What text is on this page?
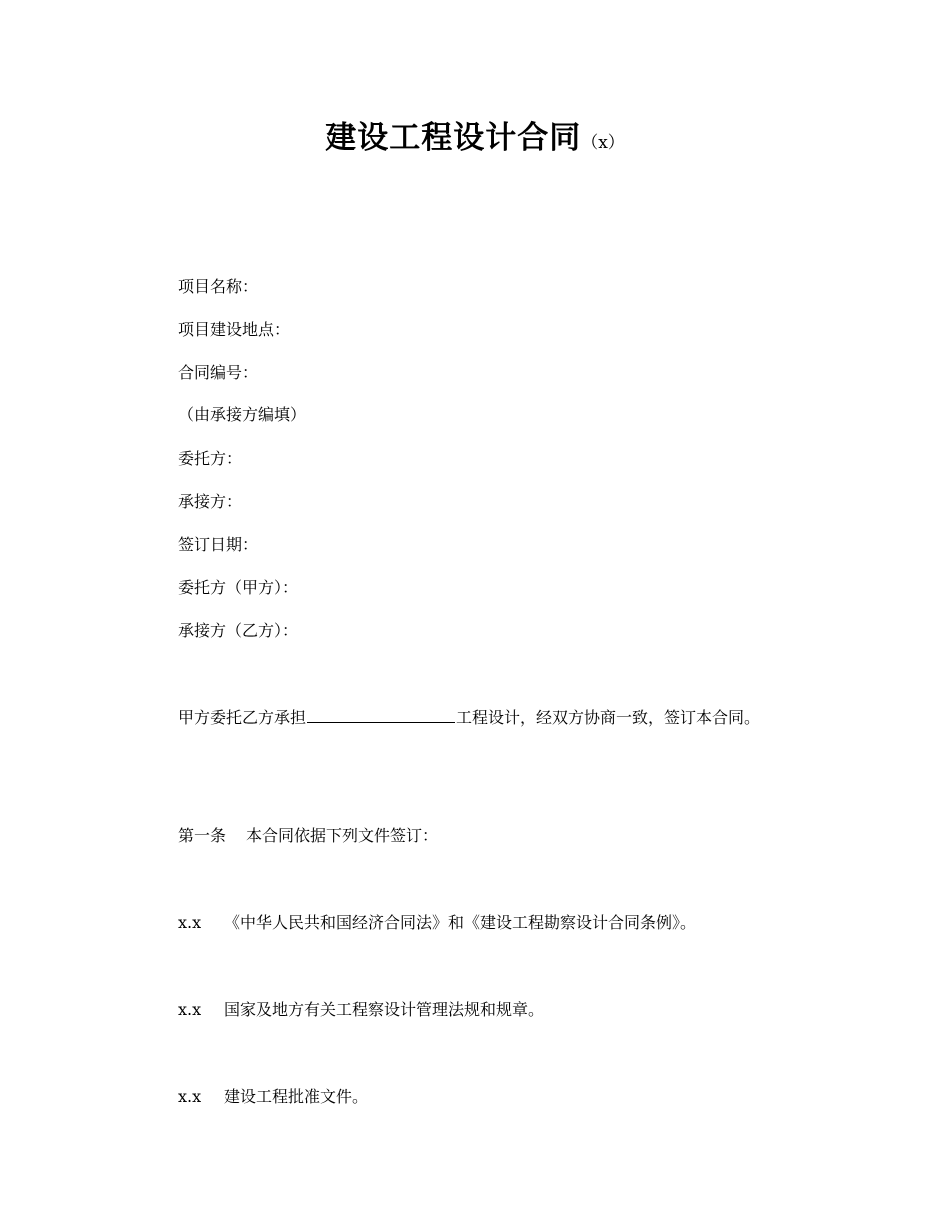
建设工程设计合同（x）
项目名称：
项目建设地点：
合同编号：
（由承接方编填）
委托方：
承接方：
签订日期：
委托方（甲方）：
承接方（乙方）：
甲方委托乙方承担	工程设计，经双方协商一致，签订本合同。
第一条 本合同依据下列文件签订：
x.x 《中华人民共和国经济合同法》和《建设工程勘察设计合同条例》。
x.x 国家及地方有关工程察设计管理法规和规章。
x.x 建设工程批准文件。
